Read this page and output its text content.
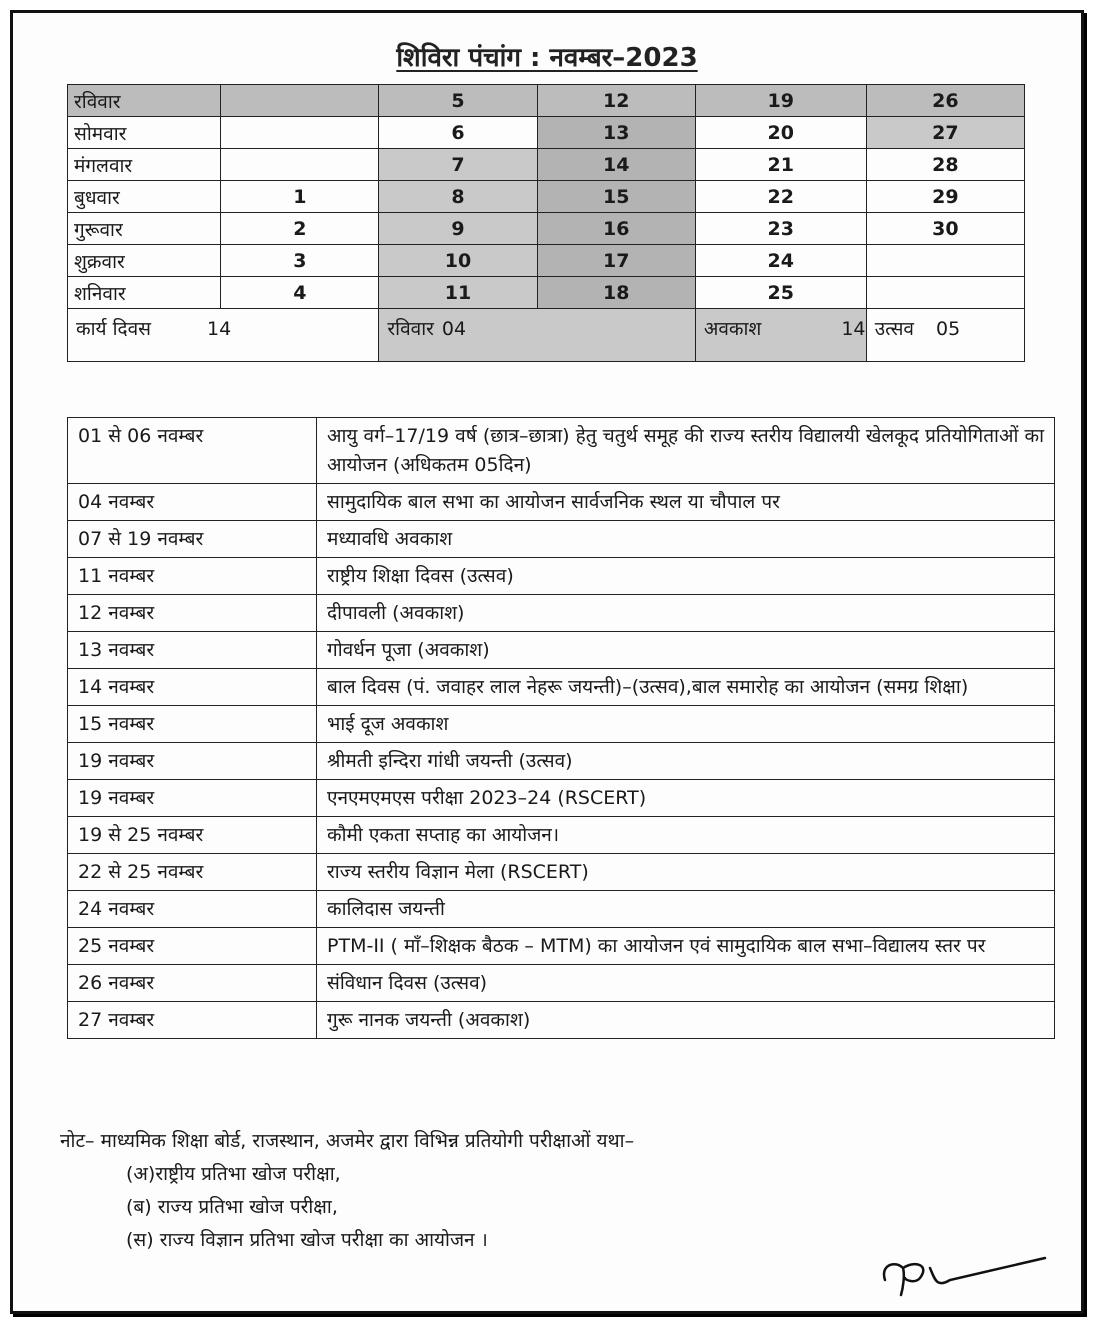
शिविरा पंचांग : नवम्बर–2023
रविवार		5	12	19	26
सोमवार		6	13	20	27
मंगलवार		7	14	21	28
बुधवार	1	8	15	22	29
गुरूवार	2	9	16	23	30
शुक्रवार	3	10	17	24	
शनिवार	4	11	18	25	

कार्य दिवस 14		रविवार 04		अवकाश 14	उत्सव 05
01 से 06 नवम्बर	आयु वर्ग–17/19 वर्ष (छात्र–छात्रा) हेतु चतुर्थ समूह की राज्य स्तरीय विद्यालयी खेलकूद प्रतियोगिताओं का आयोजन (अधिकतम 05दिन)
04 नवम्बर	सामुदायिक बाल सभा का आयोजन सार्वजनिक स्थल या चौपाल पर
07 से 19 नवम्बर	मध्यावधि अवकाश
11 नवम्बर	राष्ट्रीय शिक्षा दिवस (उत्सव)
12 नवम्बर	दीपावली (अवकाश)
13 नवम्बर	गोवर्धन पूजा (अवकाश)
14 नवम्बर	बाल दिवस (पं. जवाहर लाल नेहरू जयन्ती)–(उत्सव),बाल समारोह का आयोजन (समग्र शिक्षा)
15 नवम्बर	भाई दूज अवकाश
19 नवम्बर	श्रीमती इन्दिरा गांधी जयन्ती (उत्सव)
19 नवम्बर	एनएमएमएस परीक्षा 2023–24 (RSCERT)
19 से 25 नवम्बर	कौमी एकता सप्ताह का आयोजन।
22 से 25 नवम्बर	राज्य स्तरीय विज्ञान मेला (RSCERT)
24 नवम्बर	कालिदास जयन्ती
25 नवम्बर	PTM-II ( माँ–शिक्षक बैठक – MTM) का आयोजन एवं सामुदायिक बाल सभा–विद्यालय स्तर पर
26 नवम्बर	संविधान दिवस (उत्सव)
27 नवम्बर	गुरू नानक जयन्ती (अवकाश)
नोट– माध्यमिक शिक्षा बोर्ड, राजस्थान, अजमेर द्वारा विभिन्न प्रतियोगी परीक्षाओं यथा–
(अ)राष्ट्रीय प्रतिभा खोज परीक्षा,
(ब) राज्य प्रतिभा खोज परीक्षा,
(स) राज्य विज्ञान प्रतिभा खोज परीक्षा का आयोजन ।
